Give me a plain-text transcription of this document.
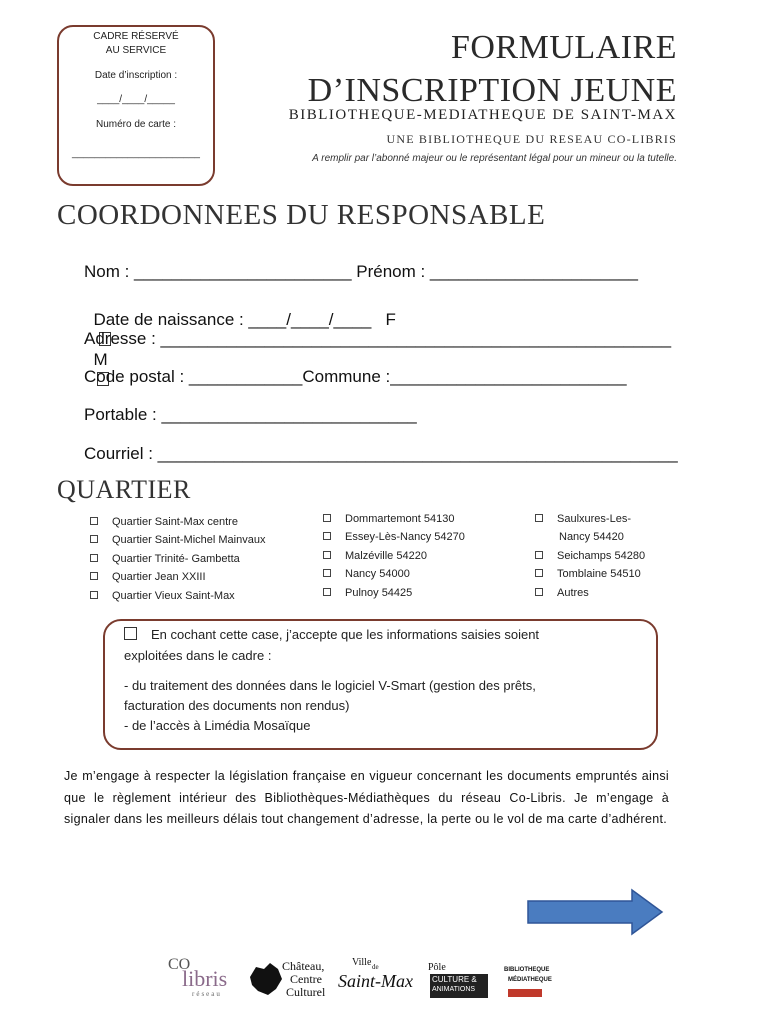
CADRE RÉSERVÉ
AU SERVICE
Date d’inscription :
____/____/_____
Numéro de carte :
_______________________
FORMULAIRE
D’INSCRIPTION JEUNE
BIBLIOTHEQUE-MEDIATHEQUE DE SAINT-MAX
UNE BIBLIOTHEQUE DU RESEAU CO-LIBRIS
A remplir par l’abonné majeur ou le représentant légal pour un mineur ou la tutelle.
COORDONNEES DU RESPONSABLE
Nom : _______________________ Prénom : ______________________

Date de naissance : ____/____/____   F

M

Adresse : ______________________________________________________
Code postal : ____________Commune :_________________________
Portable : ___________________________
Courriel : _______________________________________________________
QUARTIER
Quartier Saint-Max centre
Quartier Saint-Michel Mainvaux
Quartier Trinité- Gambetta
Quartier Jean XXIII
Quartier Vieux Saint-Max
Dommartemont 54130
Essey-Lès-Nancy 54270
Malzéville 54220
Nancy 54000
Pulnoy 54425
Saulxures-Les-
Nancy 54420
Seichamps 54280
Tomblaine 54510
Autres
En cochant cette case, j’accepte que les informations saisies soient
exploitées dans le cadre :
- du traitement des données dans le logiciel V-Smart (gestion des prêts,
facturation des documents non rendus)
- de l’accès à Limédia Mosaïque
Je m’engage à respecter la législation française en vigueur concernant les documents empruntés ainsi que le règlement intérieur des Bibliothèques-Médiathèques du réseau Co-Libris. Je m’engage à signaler dans les meilleurs délais tout changement d’adresse, la perte ou le vol de ma carte d’adhérent.
CO
libris
réseau
Château,
Centre
Culturel
Ville de
Saint-Max
Pôle
CULTURE &
ANIMATIONS
BIBLIOTHEQUE
MÉDIATHEQUE
